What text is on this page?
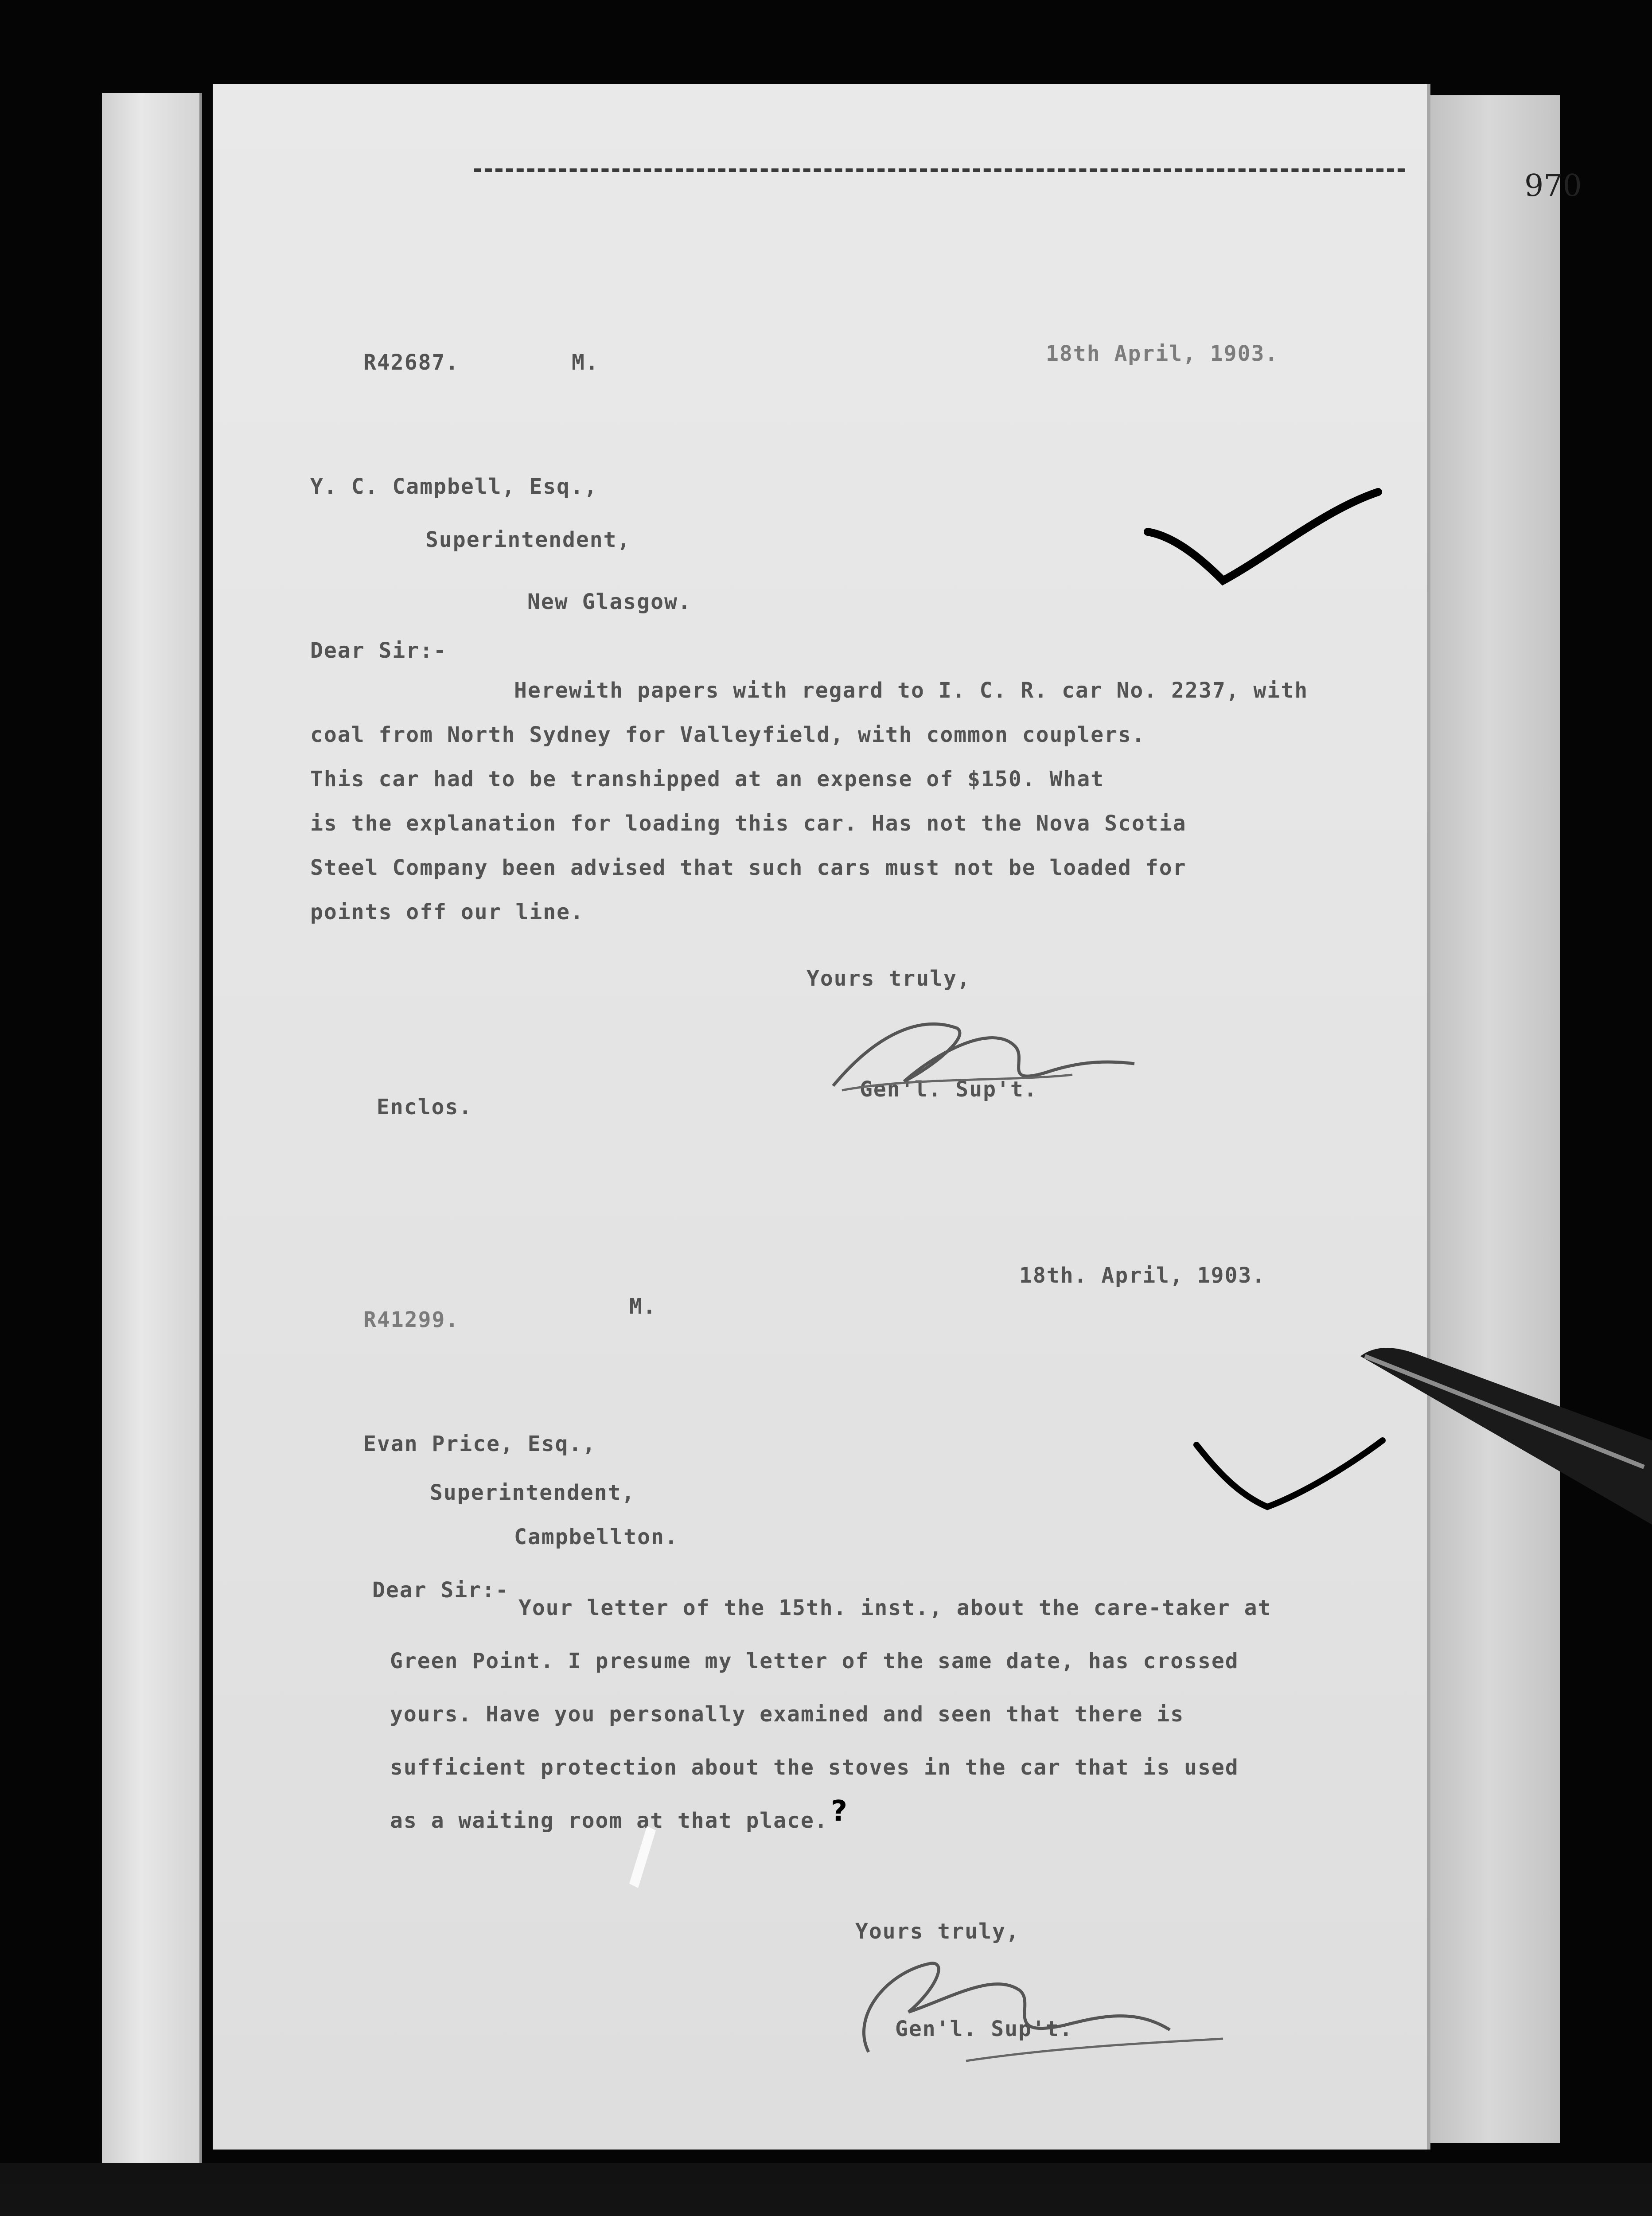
970
R42687.	M.	18th April, 1903.
Y. C. Campbell, Esq.,
Superintendent,
New Glasgow.
Dear Sir:-
Herewith papers with regard to I. C. R. car No. 2237, with
coal from North Sydney for Valleyfield, with common couplers.
This car had to be transhipped at an expense of $150. What
is the explanation for loading this car. Has not the Nova Scotia
Steel Company been advised that such cars must not be loaded for
points off our line.
Yours truly,
Gen'l. Sup't.
Enclos.
18th. April, 1903.
R41299.
M.
Evan Price, Esq.,
Superintendent,
Campbellton.
Dear Sir:-
Your letter of the 15th. inst., about the care-taker at
Green Point. I presume my letter of the same date, has crossed
yours. Have you personally examined and seen that there is
sufficient protection about the stoves in the car that is used
as a waiting room at that place. ?
Yours truly,
Gen'l. Sup't.
